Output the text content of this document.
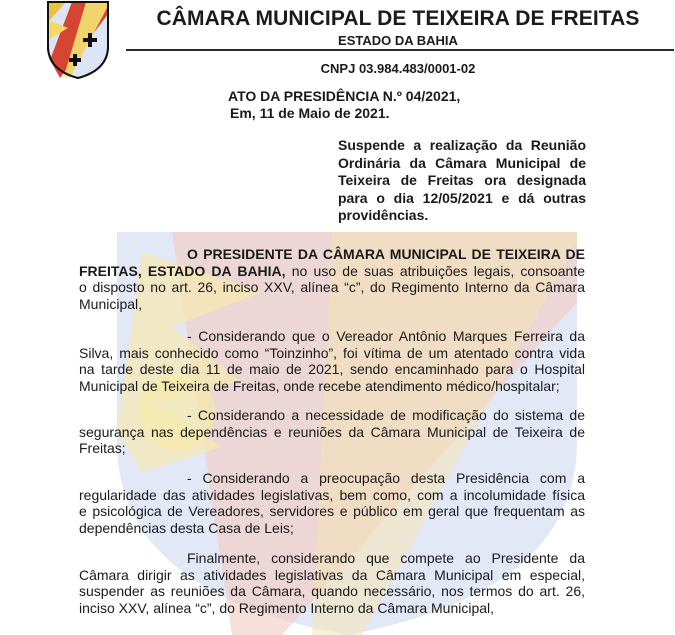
CÂMARA MUNICIPAL DE TEIXEIRA DE FREITAS
ESTADO DA BAHIA
CNPJ 03.984.483/0001-02
ATO DA PRESIDÊNCIA N.º 04/2021,
Em, 11 de Maio de 2021.
Suspende a realização da Reunião
Ordinária da Câmara Municipal de
Teixeira de Freitas ora designada
para o dia 12/05/2021 e dá outras
providências.
O PRESIDENTE DA CÂMARA MUNICIPAL DE TEIXEIRA DE
FREITAS, ESTADO DA BAHIA, no uso de suas atribuições legais, consoante
o disposto no art. 26, inciso XXV, alínea “c”, do Regimento Interno da Câmara
Municipal,
- Considerando que o Vereador Antônio Marques Ferreira da
Silva, mais conhecido como “Toinzinho”, foi vítima de um atentado contra vida
na tarde deste dia 11 de maio de 2021, sendo encaminhado para o Hospital
Municipal de Teixeira de Freitas, onde recebe atendimento médico/hospitalar;
- Considerando a necessidade de modificação do sistema de
segurança nas dependências e reuniões da Câmara Municipal de Teixeira de
Freitas;
- Considerando a preocupação desta Presidência com a
regularidade das atividades legislativas, bem como, com a incolumidade física
e psicológica de Vereadores, servidores e público em geral que frequentam as
dependências desta Casa de Leis;
Finalmente, considerando que compete ao Presidente da
Câmara dirigir as atividades legislativas da Câmara Municipal em especial,
suspender as reuniões da Câmara, quando necessário, nos termos do art. 26,
inciso XXV, alínea “c”, do Regimento Interno da Câmara Municipal,
